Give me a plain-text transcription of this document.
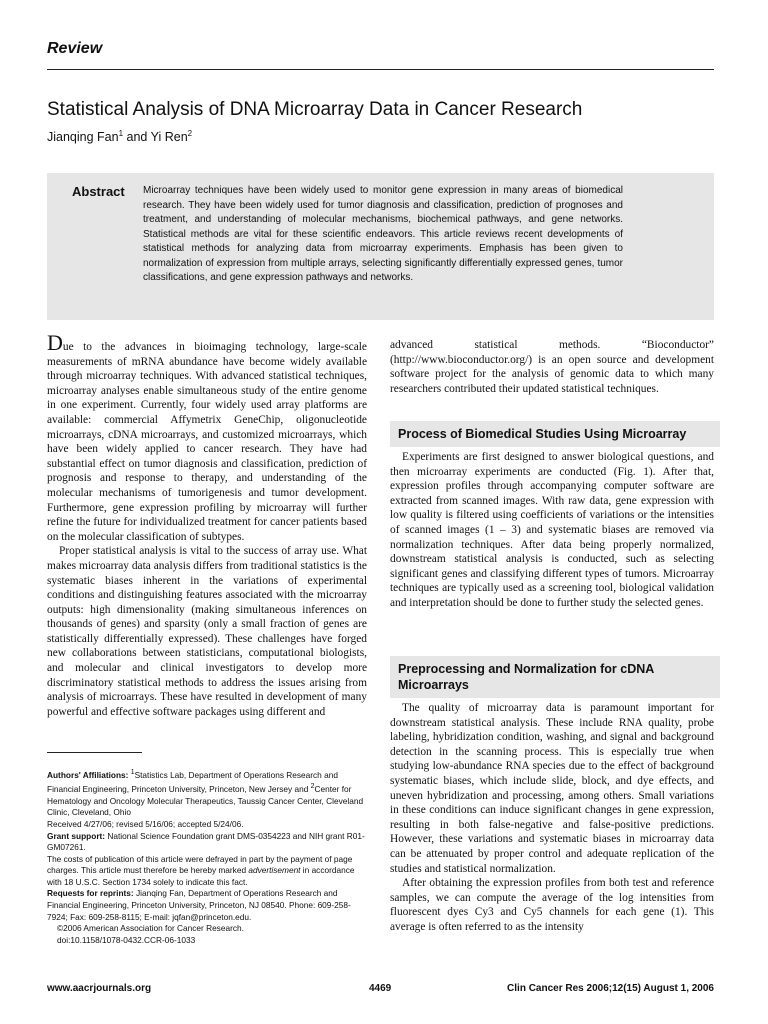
Review
Statistical Analysis of DNA Microarray Data in Cancer Research
Jianqing Fan$^1$ and Yi Ren$^2$
Abstract Microarray techniques have been widely used to monitor gene expression in many areas of biomedical research. They have been widely used for tumor diagnosis and classification, prediction of prognoses and treatment, and understanding of molecular mechanisms, biochemical pathways, and gene networks. Statistical methods are vital for these scientific endeavors. This article reviews recent developments of statistical methods for analyzing data from microarray experiments. Emphasis has been given to normalization of expression from multiple arrays, selecting significantly differentially expressed genes, tumor classifications, and gene expression pathways and networks.

Due to the advances in bioimaging technology, large-scale measurements of mRNA abundance have become widely available through microarray techniques. With advanced statistical techniques, microarray analyses enable simultaneous study of the entire genome in one experiment. Currently, four widely used array platforms are available: commercial Affymetrix GeneChip, oligonucleotide microarrays, cDNA microarrays, and customized microarrays, which have been widely applied to cancer research. They have had substantial effect on tumor diagnosis and classification, prediction of prognosis and response to therapy, and understanding of the molecular mechanisms of tumorigenesis and tumor development. Furthermore, gene expression profiling by microarray will further refine the future for individualized treatment for cancer patients based on the molecular classification of subtypes.

Proper statistical analysis is vital to the success of array use. What makes microarray data analysis differs from traditional statistics is the systematic biases inherent in the variations of experimental conditions and distinguishing features associated with the microarray outputs: high dimensionality (making simultaneous inferences on thousands of genes) and sparsity (only a small fraction of genes are statistically differentially expressed). These challenges have forged new collaborations between statisticians, computational biologists, and molecular and clinical investigators to develop more discriminatory statistical methods to address the issues arising from analysis of microarrays. These have resulted in development of many powerful and effective software packages using different and

Authors' Affiliations: $^1$Statistics Lab, Department of Operations Research and Financial Engineering, Princeton University, Princeton, New Jersey and $^2$Center for Hematology and Oncology Molecular Therapeutics, Taussig Cancer Center, Cleveland Clinic, Cleveland, Ohio

Received 4/27/06; revised 5/16/06; accepted 5/24/06.

Grant support: National Science Foundation grant DMS-0354223 and NIH grant R01-GM07261.

The costs of publication of this article were defrayed in part by the payment of page charges. This article must therefore be hereby marked advertisement in accordance with 18 U.S.C. Section 1734 solely to indicate this fact.

Requests for reprints: Jianqing Fan, Department of Operations Research and Financial Engineering, Princeton University, Princeton, NJ 08540. Phone: 609-258-7924; Fax: 609-258-8115; E-mail: jqfan@princeton.edu.

©2006 American Association for Cancer Research.

doi:10.1158/1078-0432.CCR-06-1033

advanced statistical methods. “Bioconductor” (http://www.bioconductor.org/) is an open source and development software project for the analysis of genomic data to which many researchers contributed their updated statistical techniques.

Process of Biomedical Studies Using Microarray

Experiments are first designed to answer biological questions, and then microarray experiments are conducted (Fig. 1). After that, expression profiles through accompanying computer software are extracted from scanned images. With raw data, gene expression with low quality is filtered using coefficients of variations or the intensities of scanned images (1 – 3) and systematic biases are removed via normalization techniques. After data being properly normalized, downstream statistical analysis is conducted, such as selecting significant genes and classifying different types of tumors. Microarray techniques are typically used as a screening tool, biological validation and interpretation should be done to further study the selected genes.

Preprocessing and Normalization for cDNA Microarrays

The quality of microarray data is paramount important for downstream statistical analysis. These include RNA quality, probe labeling, hybridization condition, washing, and signal and background detection in the scanning process. This is especially true when studying low-abundance RNA species due to the effect of background systematic biases, which include slide, block, and dye effects, and uneven hybridization and processing, among others. Small variations in these conditions can induce significant changes in gene expression, resulting in both false-negative and false-positive predictions. However, these variations and systematic biases in microarray data can be attenuated by proper control and adequate replication of the studies and statistical normalization.

After obtaining the expression profiles from both test and reference samples, we can compute the average of the log intensities from fluorescent dyes Cy3 and Cy5 channels for each gene (1). This average is often referred to as the intensity

www.aacrjournals.org	4469	Clin Cancer Res 2006;12(15) August 1, 2006
